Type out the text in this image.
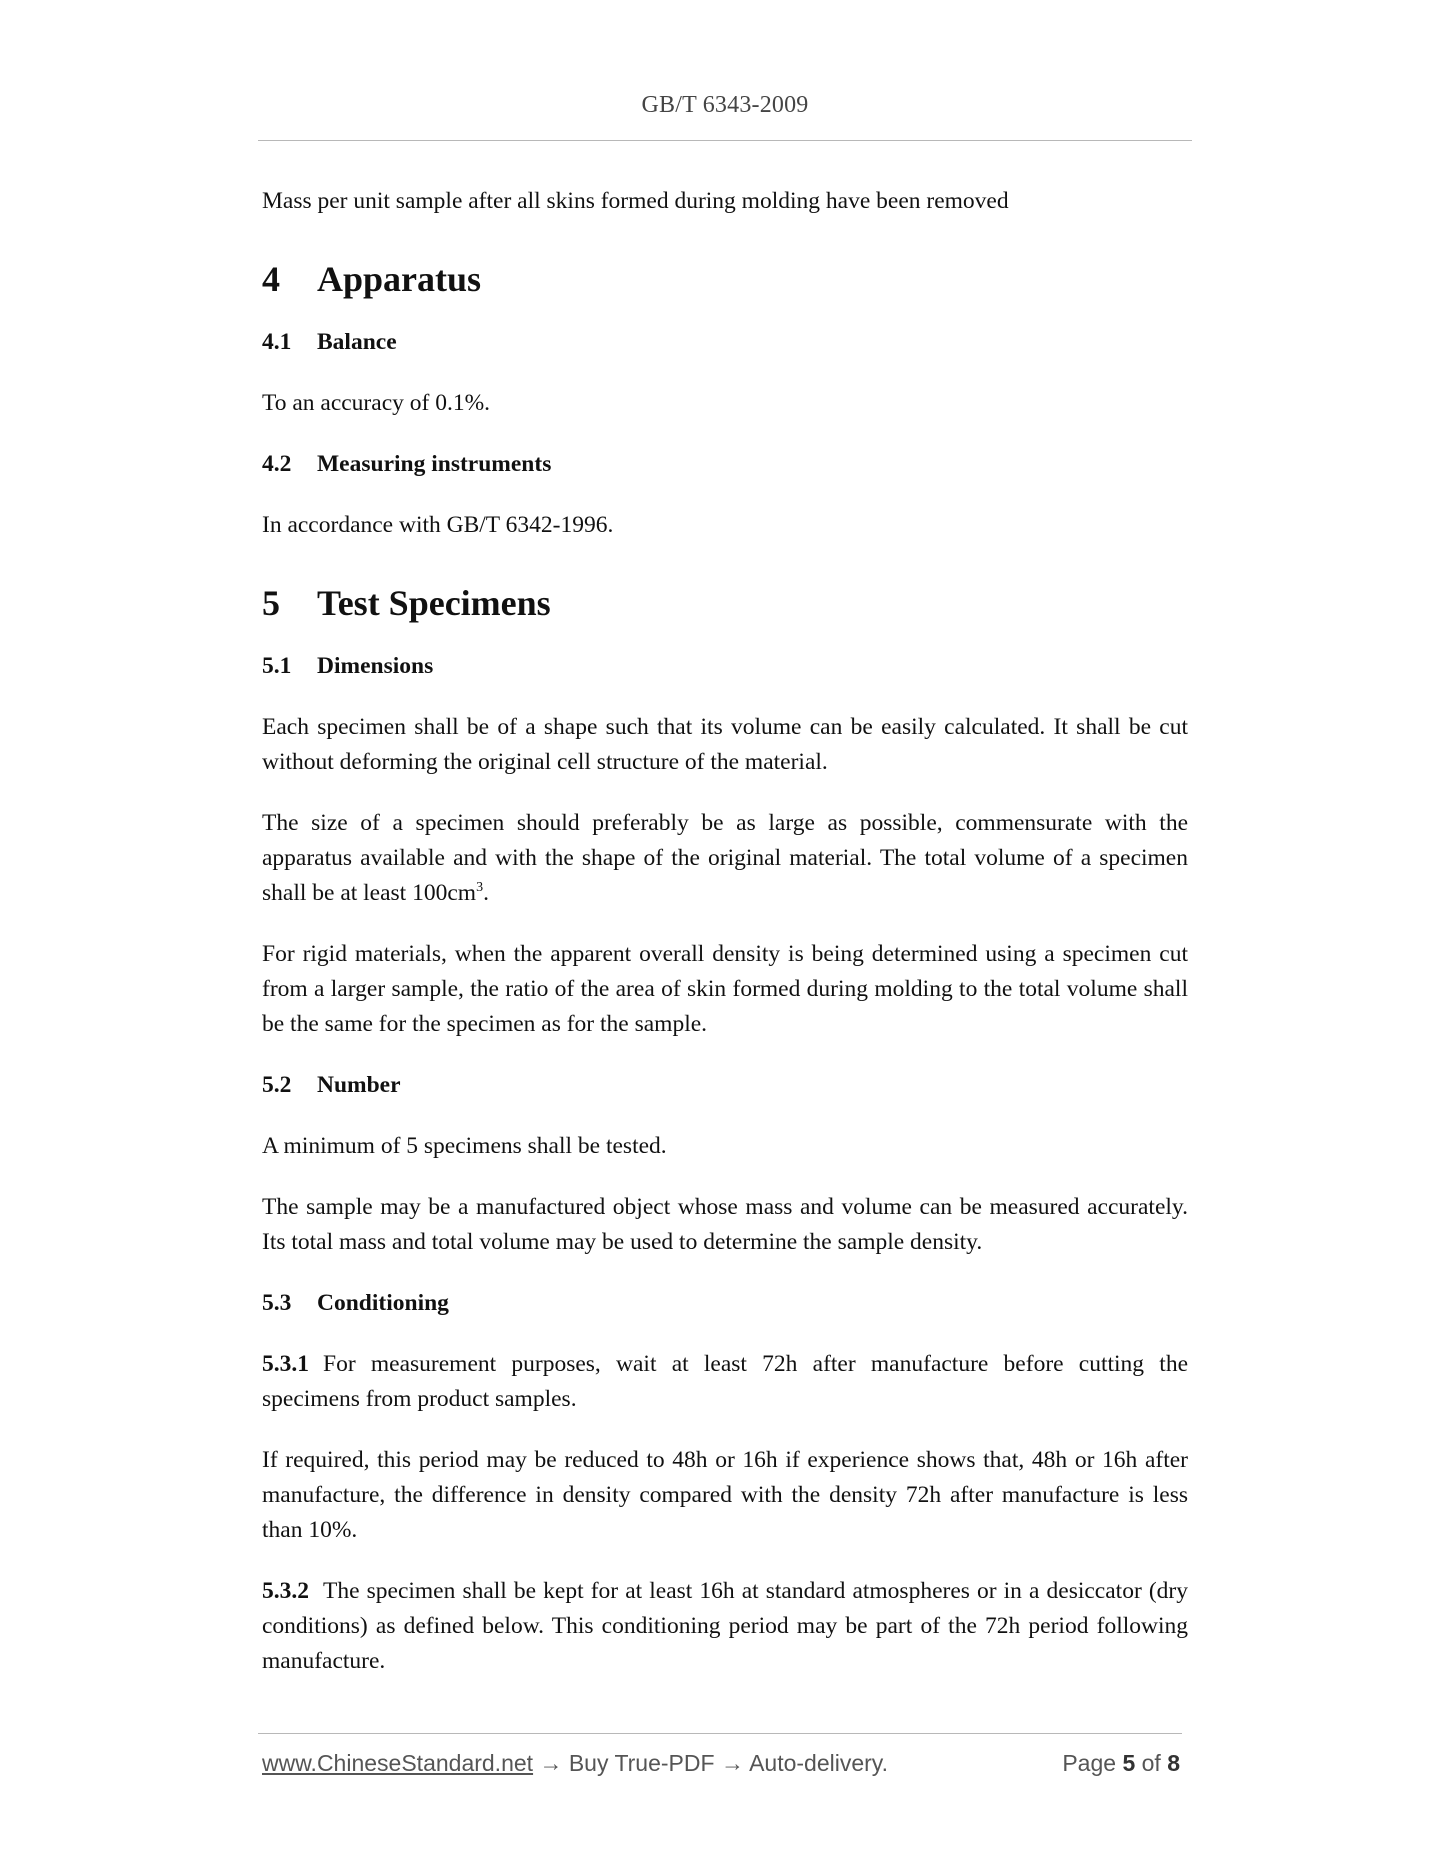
GB/T 6343-2009

Mass per unit sample after all skins formed during molding have been removed

4	Apparatus
4.1	Balance

To an accuracy of 0.1%.

4.2	Measuring instruments

In accordance with GB/T 6342-1996.

5	Test Specimens
5.1	Dimensions

Each specimen shall be of a shape such that its volume can be easily calculated. It shall be cut without deforming the original cell structure of the material.

The size of a specimen should preferably be as large as possible, commensurate with the apparatus available and with the shape of the original material. The total volume of a specimen shall be at least $100cm^3$.

For rigid materials, when the apparent overall density is being determined using a specimen cut from a larger sample, the ratio of the area of skin formed during molding to the total volume shall be the same for the specimen as for the sample.

5.2	Number

A minimum of 5 specimens shall be tested.

The sample may be a manufactured object whose mass and volume can be measured accurately. Its total mass and total volume may be used to determine the sample density.

5.3	Conditioning

5.3.1 For measurement purposes, wait at least 72h after manufacture before cutting the specimens from product samples.

If required, this period may be reduced to 48h or 16h if experience shows that, 48h or 16h after manufacture, the difference in density compared with the density 72h after manufacture is less than 10%.

5.3.2 The specimen shall be kept for at least 16h at standard atmospheres or in a desiccator (dry conditions) as defined below. This conditioning period may be part of the 72h period following manufacture.

www.ChineseStandard.net → Buy True-PDF → Auto-delivery.	Page 5 of 8
